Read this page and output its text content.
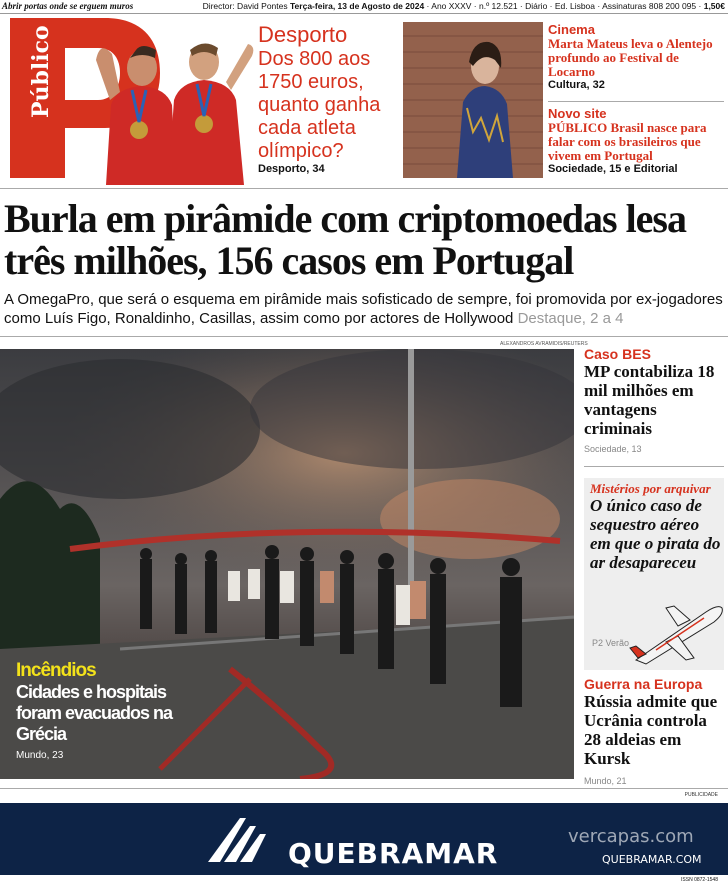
Abrir portas onde se erguem muros	Director: David Pontes Terça-feira, 13 de Agosto de 2024 · Ano XXXV · n.º 12.521 · Diário · Ed. Lisboa · Assinaturas 808 200 095 · 1,50€
Público	Desporto
Dos 800 aos 1750 euros, quanto ganha cada atleta olímpico?
Desporto, 34
Cinema
Marta Mateus leva o Alentejo profundo ao Festival de Locarno
Cultura, 32
Novo site
PÚBLICO Brasil nasce para falar com os brasileiros que vivem em Portugal
Sociedade, 15 e Editorial
Burla em pirâmide com criptomoedas lesa três milhões, 156 casos em Portugal
A OmegaPro, que será o esquema em pirâmide mais sofisticado de sempre, foi promovida por ex-jogadores como Luís Figo, Ronaldinho, Casillas, assim como por actores de Hollywood Destaque, 2 a 4
ALEXANDROS AVRAMIDIS/REUTERS
Incêndios
Cidades e hospitais foram evacuados na Grécia
Mundo, 23
Caso BES
MP contabiliza 18 mil milhões em vantagens criminais
Sociedade, 13
Mistérios por arquivar
O único caso de sequestro aéreo em que o pirata do ar desapareceu
P2 Verão
Guerra na Europa
Rússia admite que Ucrânia controla 28 aldeias em Kursk
Mundo, 21
PUBLICIDADE
QUEBRAMAR
vercapas.com
QUEBRAMAR.COM
ISSN 0872-1548
